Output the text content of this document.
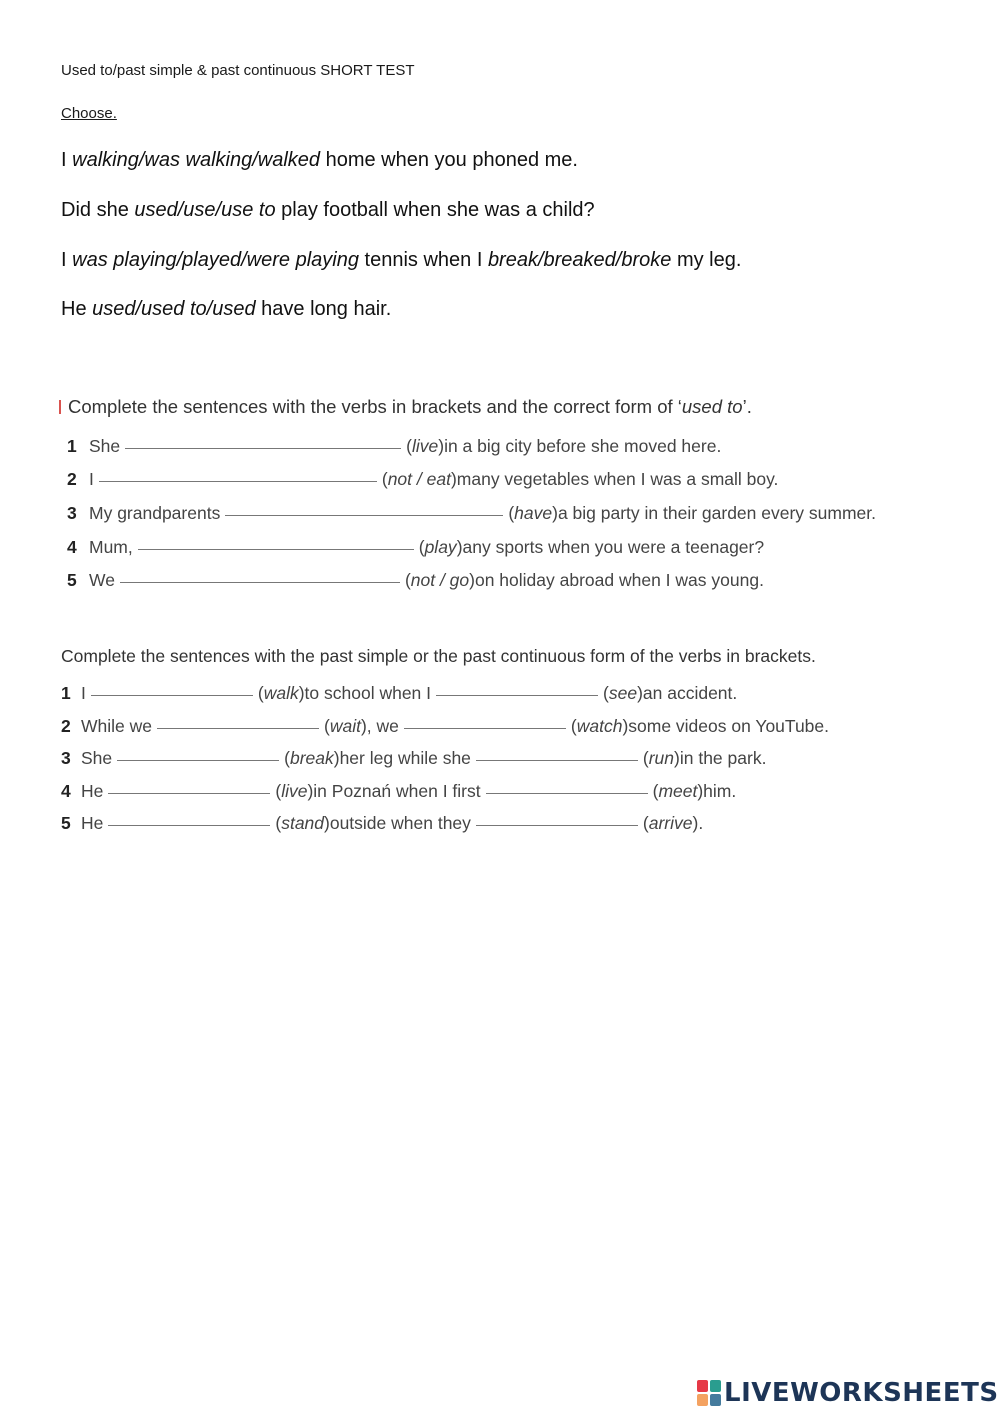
Used to/past simple & past continuous SHORT TEST
Choose.
I walking/was walking/walked home when you phoned me.
Did she used/use/use to play football when she was a child?
I was playing/played/were playing tennis when I break/breaked/broke my leg.
He used/used to/used have long hair.
Complete the sentences with the verbs in brackets and the correct form of ‘used to’.
1 She	( live ) in a big city before she moved here.
2 I	( not / eat ) many vegetables when I was a small boy.
3 My grandparents	( have ) a big party in their garden every summer.
4 Mum,	( play ) any sports when you were a teenager?
5 We	( not / go ) on holiday abroad when I was young.
Complete the sentences with the past simple or the past continuous form of the verbs in brackets.
1 I	( walk ) to school when I	( see ) an accident.
2 While we	( wait ) , we	( watch ) some videos on YouTube.
3 She	( break ) her leg while she	( run ) in the park.
4 He	( live ) in Poznań when I first	( meet ) him.
5 He	( stand ) outside when they	( arrive ) .
LIVEWORKSHEETS
